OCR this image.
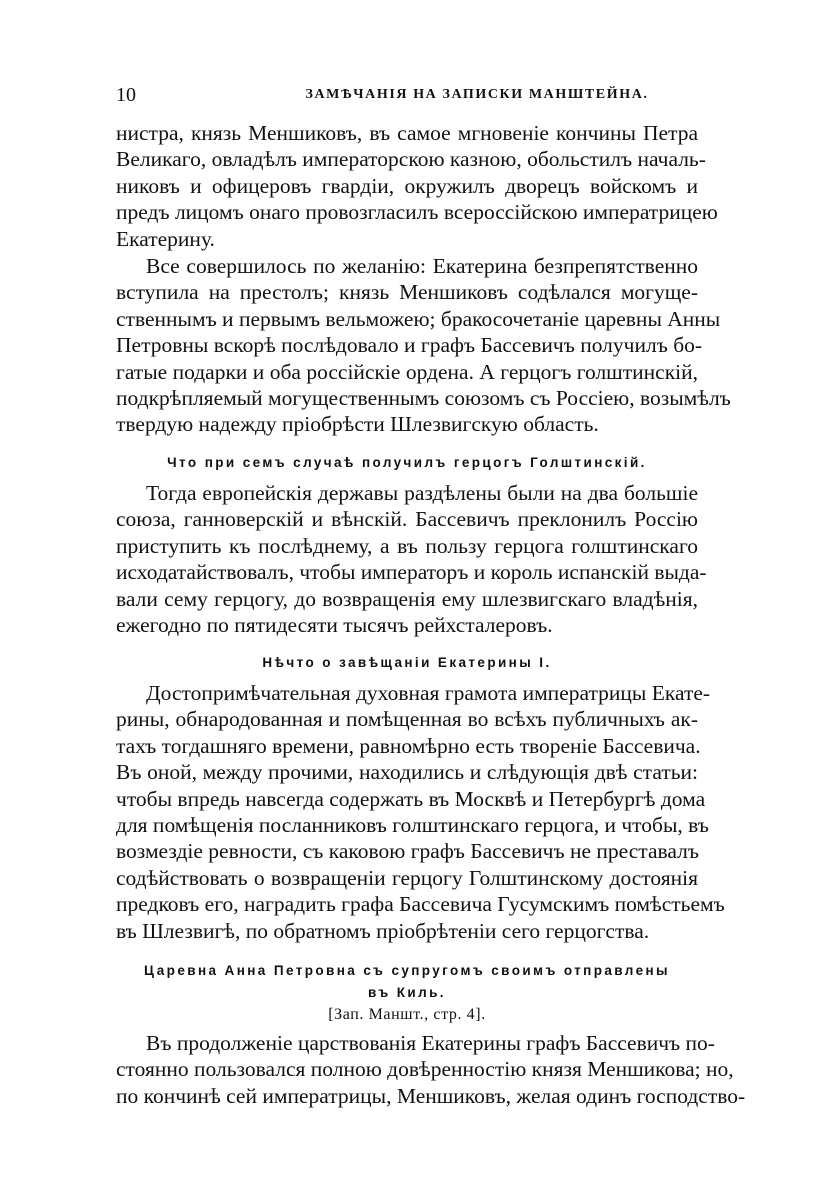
10	ЗАМѢЧАНІЯ НА ЗАПИСКИ МАНШТЕЙНА.
нистра, князь Меншиковъ, въ самое мгновеніе кончины Петра
Великаго, овладѣлъ императорскою казною, обольстилъ началь-
никовъ и офицеровъ гвардіи, окружилъ дворецъ войскомъ и
предъ лицомъ онаго провозгласилъ всероссійскою императрицею
Екатерину.
Все совершилось по желанію: Екатерина безпрепятственно
вступила на престолъ; князь Меншиковъ содѣлался могуще-
ственнымъ и первымъ вельможею; бракосочетаніе царевны Анны
Петровны вскорѣ послѣдовало и графъ Бассевичъ получилъ бо-
гатые подарки и оба россійскіе ордена. А герцогъ голштинскій,
подкрѣпляемый могущественнымъ союзомъ съ Россіею, возымѣлъ
твердую надежду пріобрѣсти Шлезвигскую область.
Что при семъ случаѣ получилъ герцогъ Голштинскій.
Тогда европейскія державы раздѣлены были на два большіе
союза, ганноверскій и вѣнскій. Бассевичъ преклонилъ Россію
приступить къ послѣднему, а въ пользу герцога голштинскаго
исходатайствовалъ, чтобы императоръ и король испанскій выда-
вали сему герцогу, до возвращенія ему шлезвигскаго владѣнія,
ежегодно по пятидесяти тысячъ рейхсталеровъ.
Нѣчто о завѣщаніи Екатерины I.
Достопримѣчательная духовная грамота императрицы Екате-
рины, обнародованная и помѣщенная во всѣхъ публичныхъ ак-
тахъ тогдашняго времени, равномѣрно есть твореніе Бассевича.
Въ оной, между прочими, находились и слѣдующія двѣ статьи:
чтобы впредь навсегда содержать въ Москвѣ и Петербургѣ дома
для помѣщенія посланниковъ голштинскаго герцога, и чтобы, въ
возмездіе ревности, съ каковою графъ Бассевичъ не преставалъ
содѣйствовать о возвращеніи герцогу Голштинскому достоянія
предковъ его, наградить графа Бассевича Гусумскимъ помѣстьемъ
въ Шлезвигѣ, по обратномъ пріобрѣтеніи сего герцогства.
Царевна Анна Петровна съ супругомъ своимъ отправлены
въ Киль.
[Зап. Маншт., стр. 4].
Въ продолженіе царствованія Екатерины графъ Бассевичъ по-
стоянно пользовался полною довѣренностію князя Меншикова; но,
по кончинѣ сей императрицы, Меншиковъ, желая одинъ господство-
